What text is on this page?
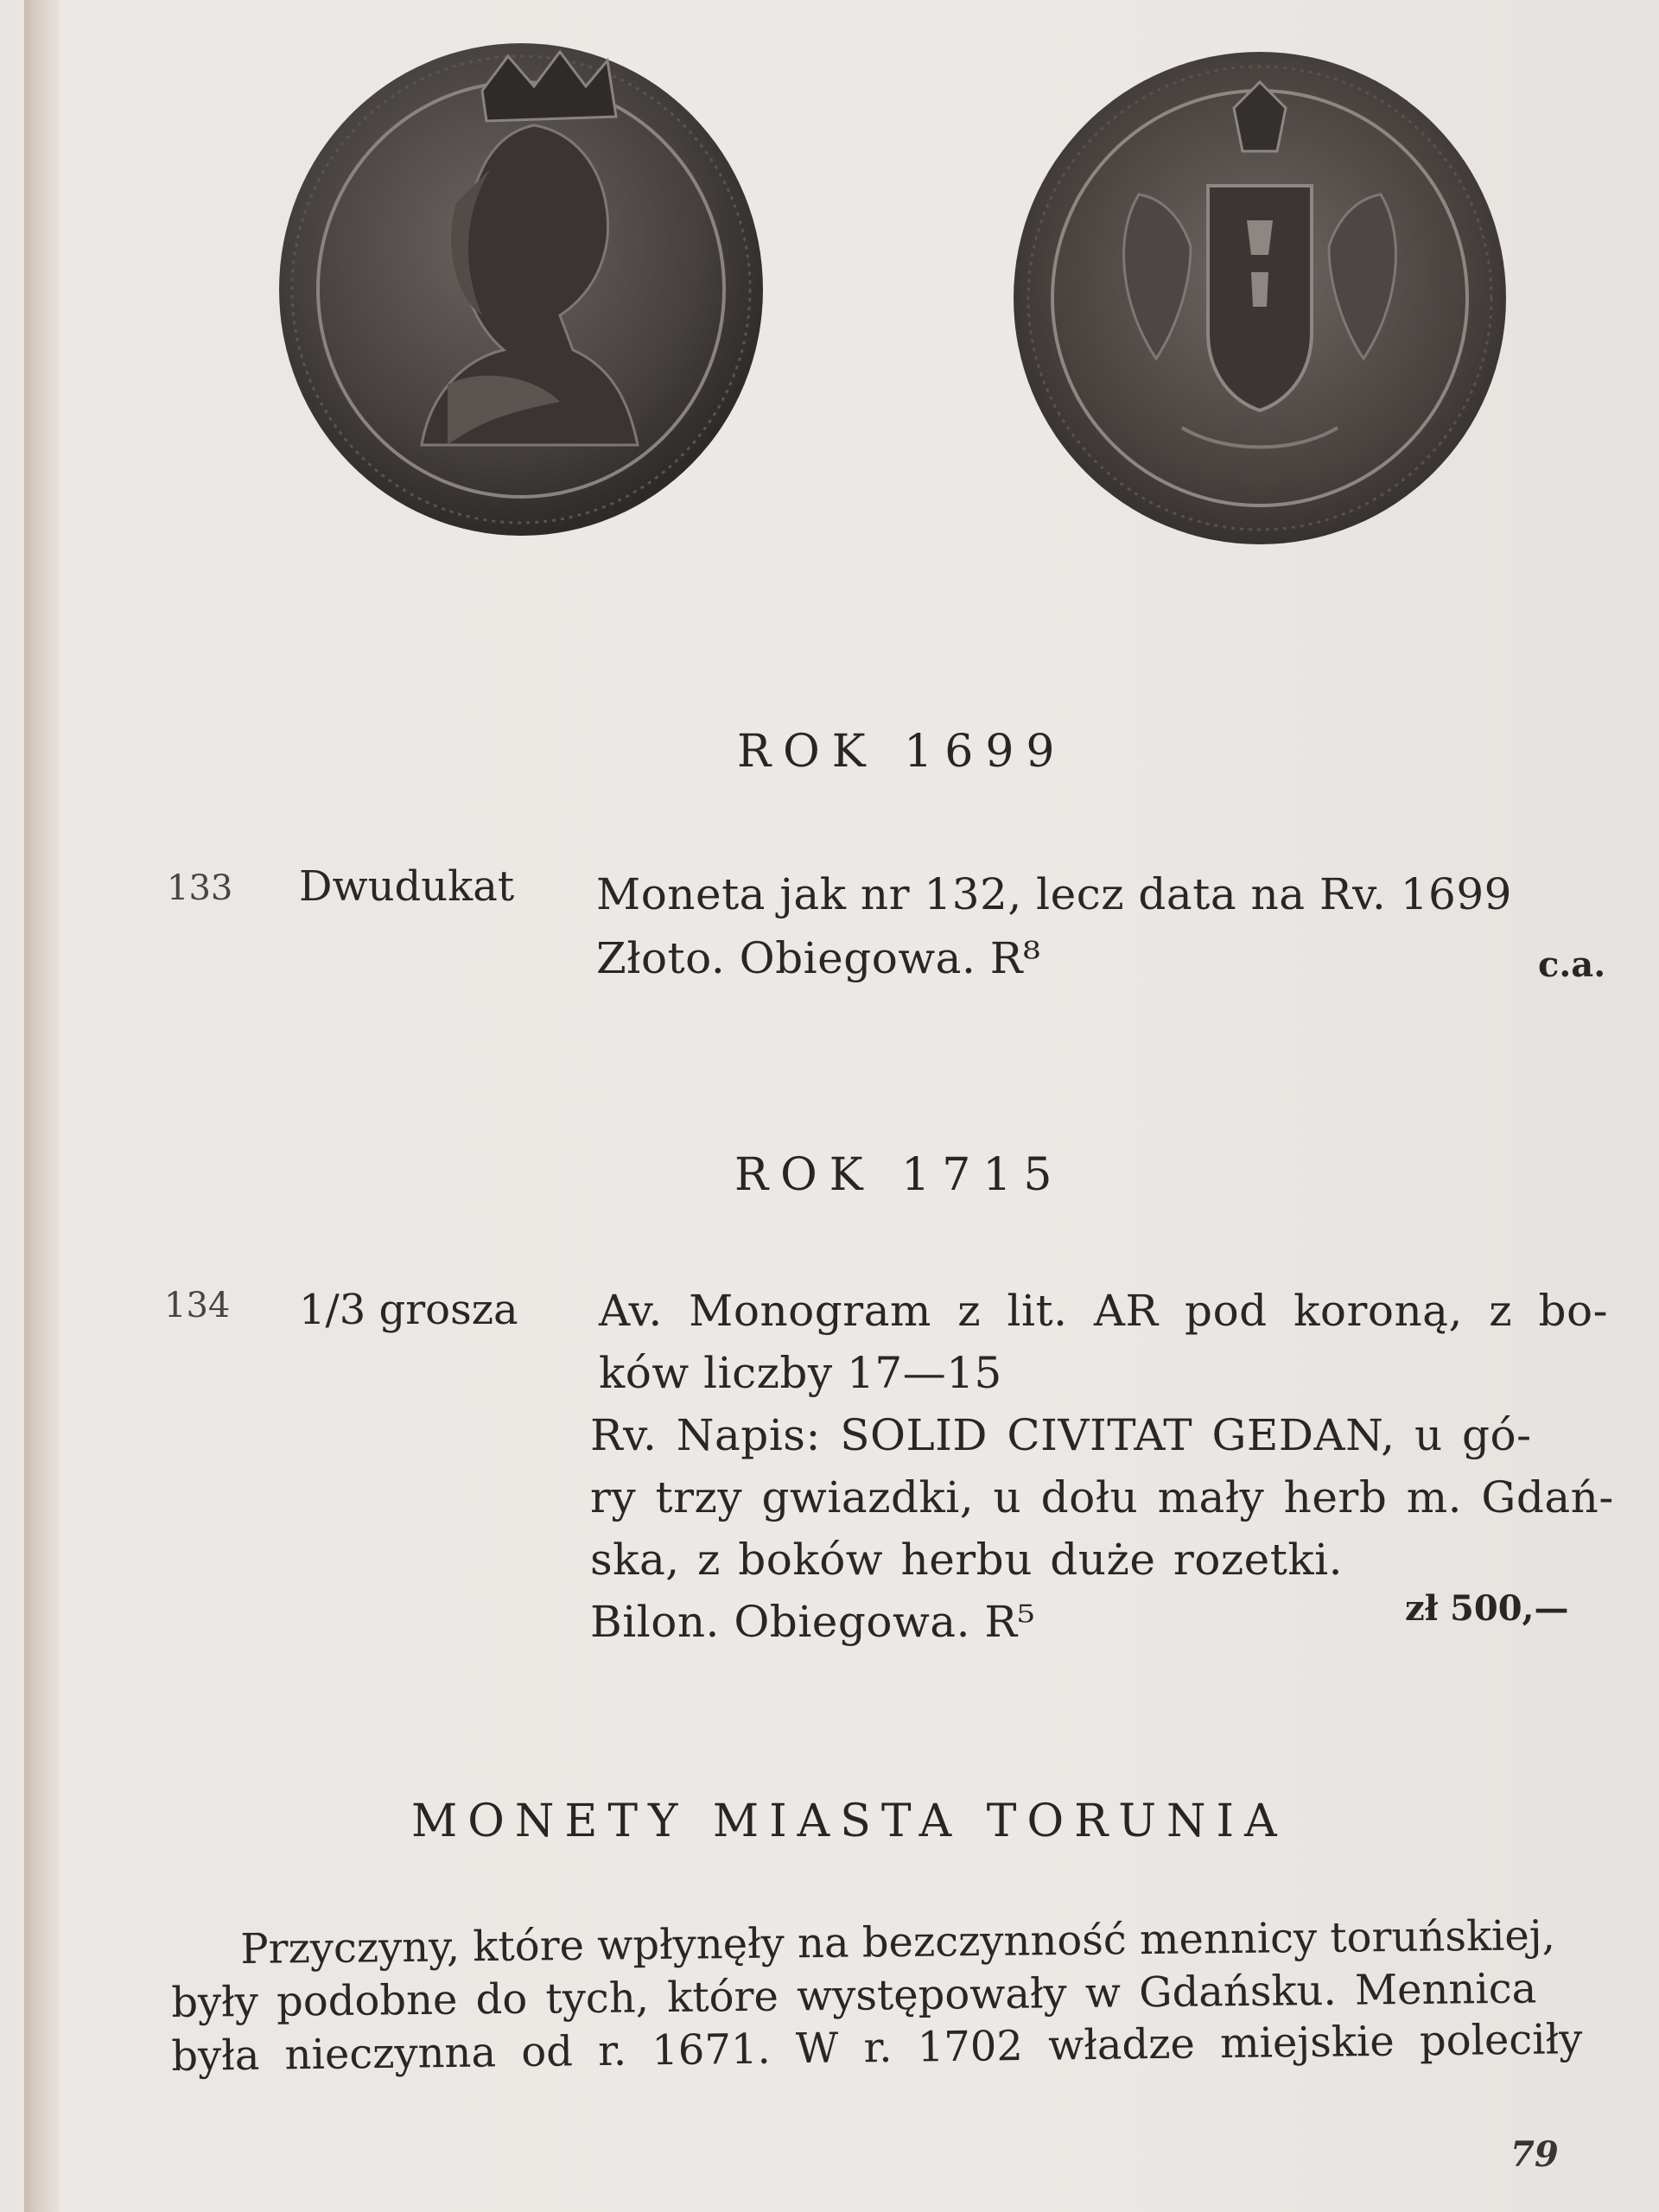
ROK 1699
133 Dwudukat Moneta jak nr 132, lecz data na Rv. 1699
Złoto. Obiegowa. R⁸	c.a.
ROK 1715
134 1/3 grosza Av. Monogram z lit. AR pod koroną, z bo-
ków liczby 17—15
Rv. Napis: SOLID CIVITAT GEDAN, u gó-
ry trzy gwiazdki, u dołu mały herb m. Gdań-
ska, z boków herbu duże rozetki.
Bilon. Obiegowa. R⁵	zł 500,—
MONETY MIASTA TORUNIA
Przyczyny, które wpłynęły na bezczynność mennicy toruńskiej,
były podobne do tych, które występowały w Gdańsku. Mennica
była nieczynna od r. 1671. W r. 1702 władze miejskie poleciły
79
